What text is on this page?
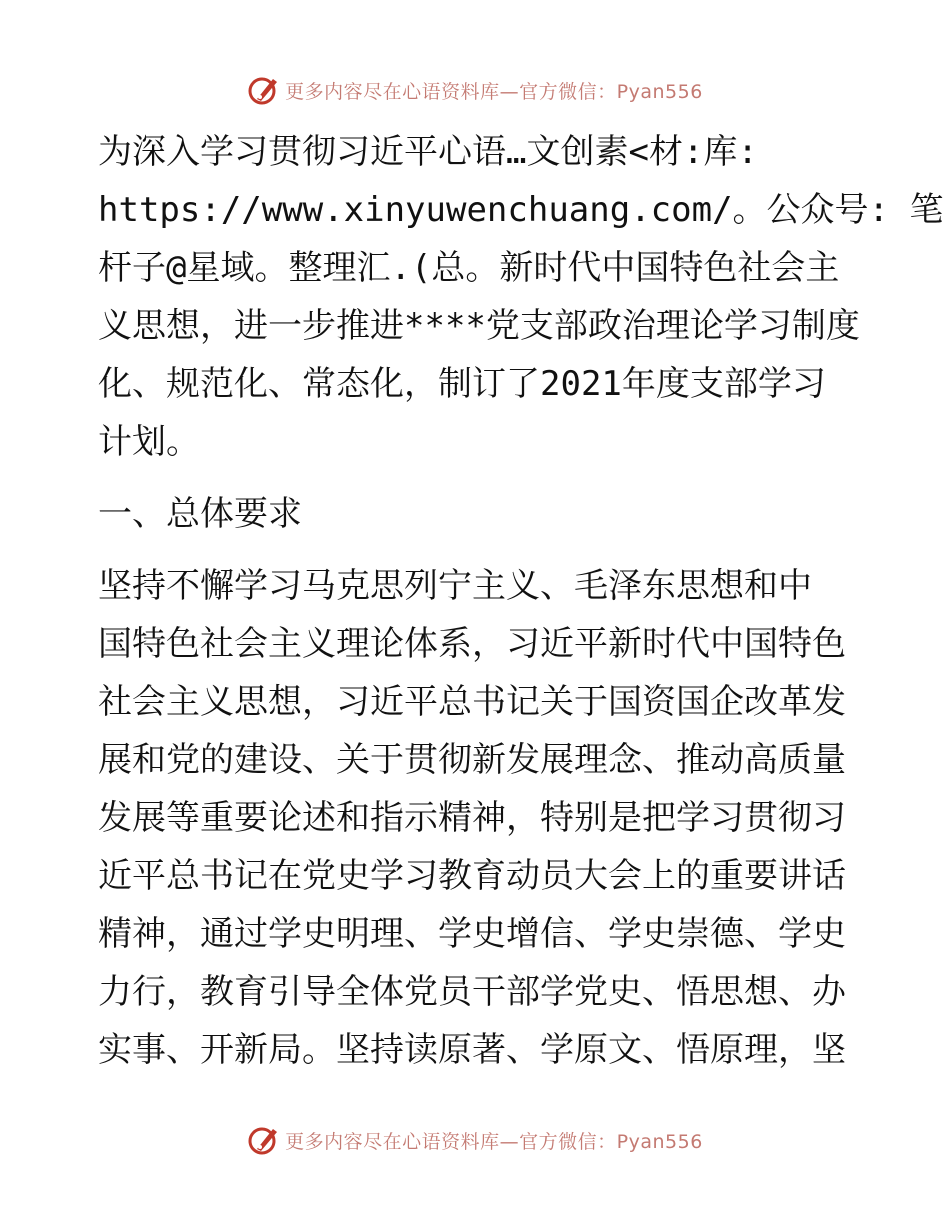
更多内容尽在心语资料库—官方微信：Pyan556
为深入学习贯彻习近平心语…文创素<材:库:
https://www.xinyuwenchuang.com/。公众号: 笔
杆子@星域。整理汇.(总。新时代中国特色社会主
义思想，进一步推进****党支部政治理论学习制度
化、规范化、常态化，制订了2021年度支部学习
计划。
一、总体要求
坚持不懈学习马克思列宁主义、毛泽东思想和中
国特色社会主义理论体系，习近平新时代中国特色
社会主义思想，习近平总书记关于国资国企改革发
展和党的建设、关于贯彻新发展理念、推动高质量
发展等重要论述和指示精神，特别是把学习贯彻习
近平总书记在党史学习教育动员大会上的重要讲话
精神，通过学史明理、学史增信、学史崇德、学史
力行，教育引导全体党员干部学党史、悟思想、办
实事、开新局。坚持读原著、学原文、悟原理，坚
更多内容尽在心语资料库—官方微信：Pyan556
